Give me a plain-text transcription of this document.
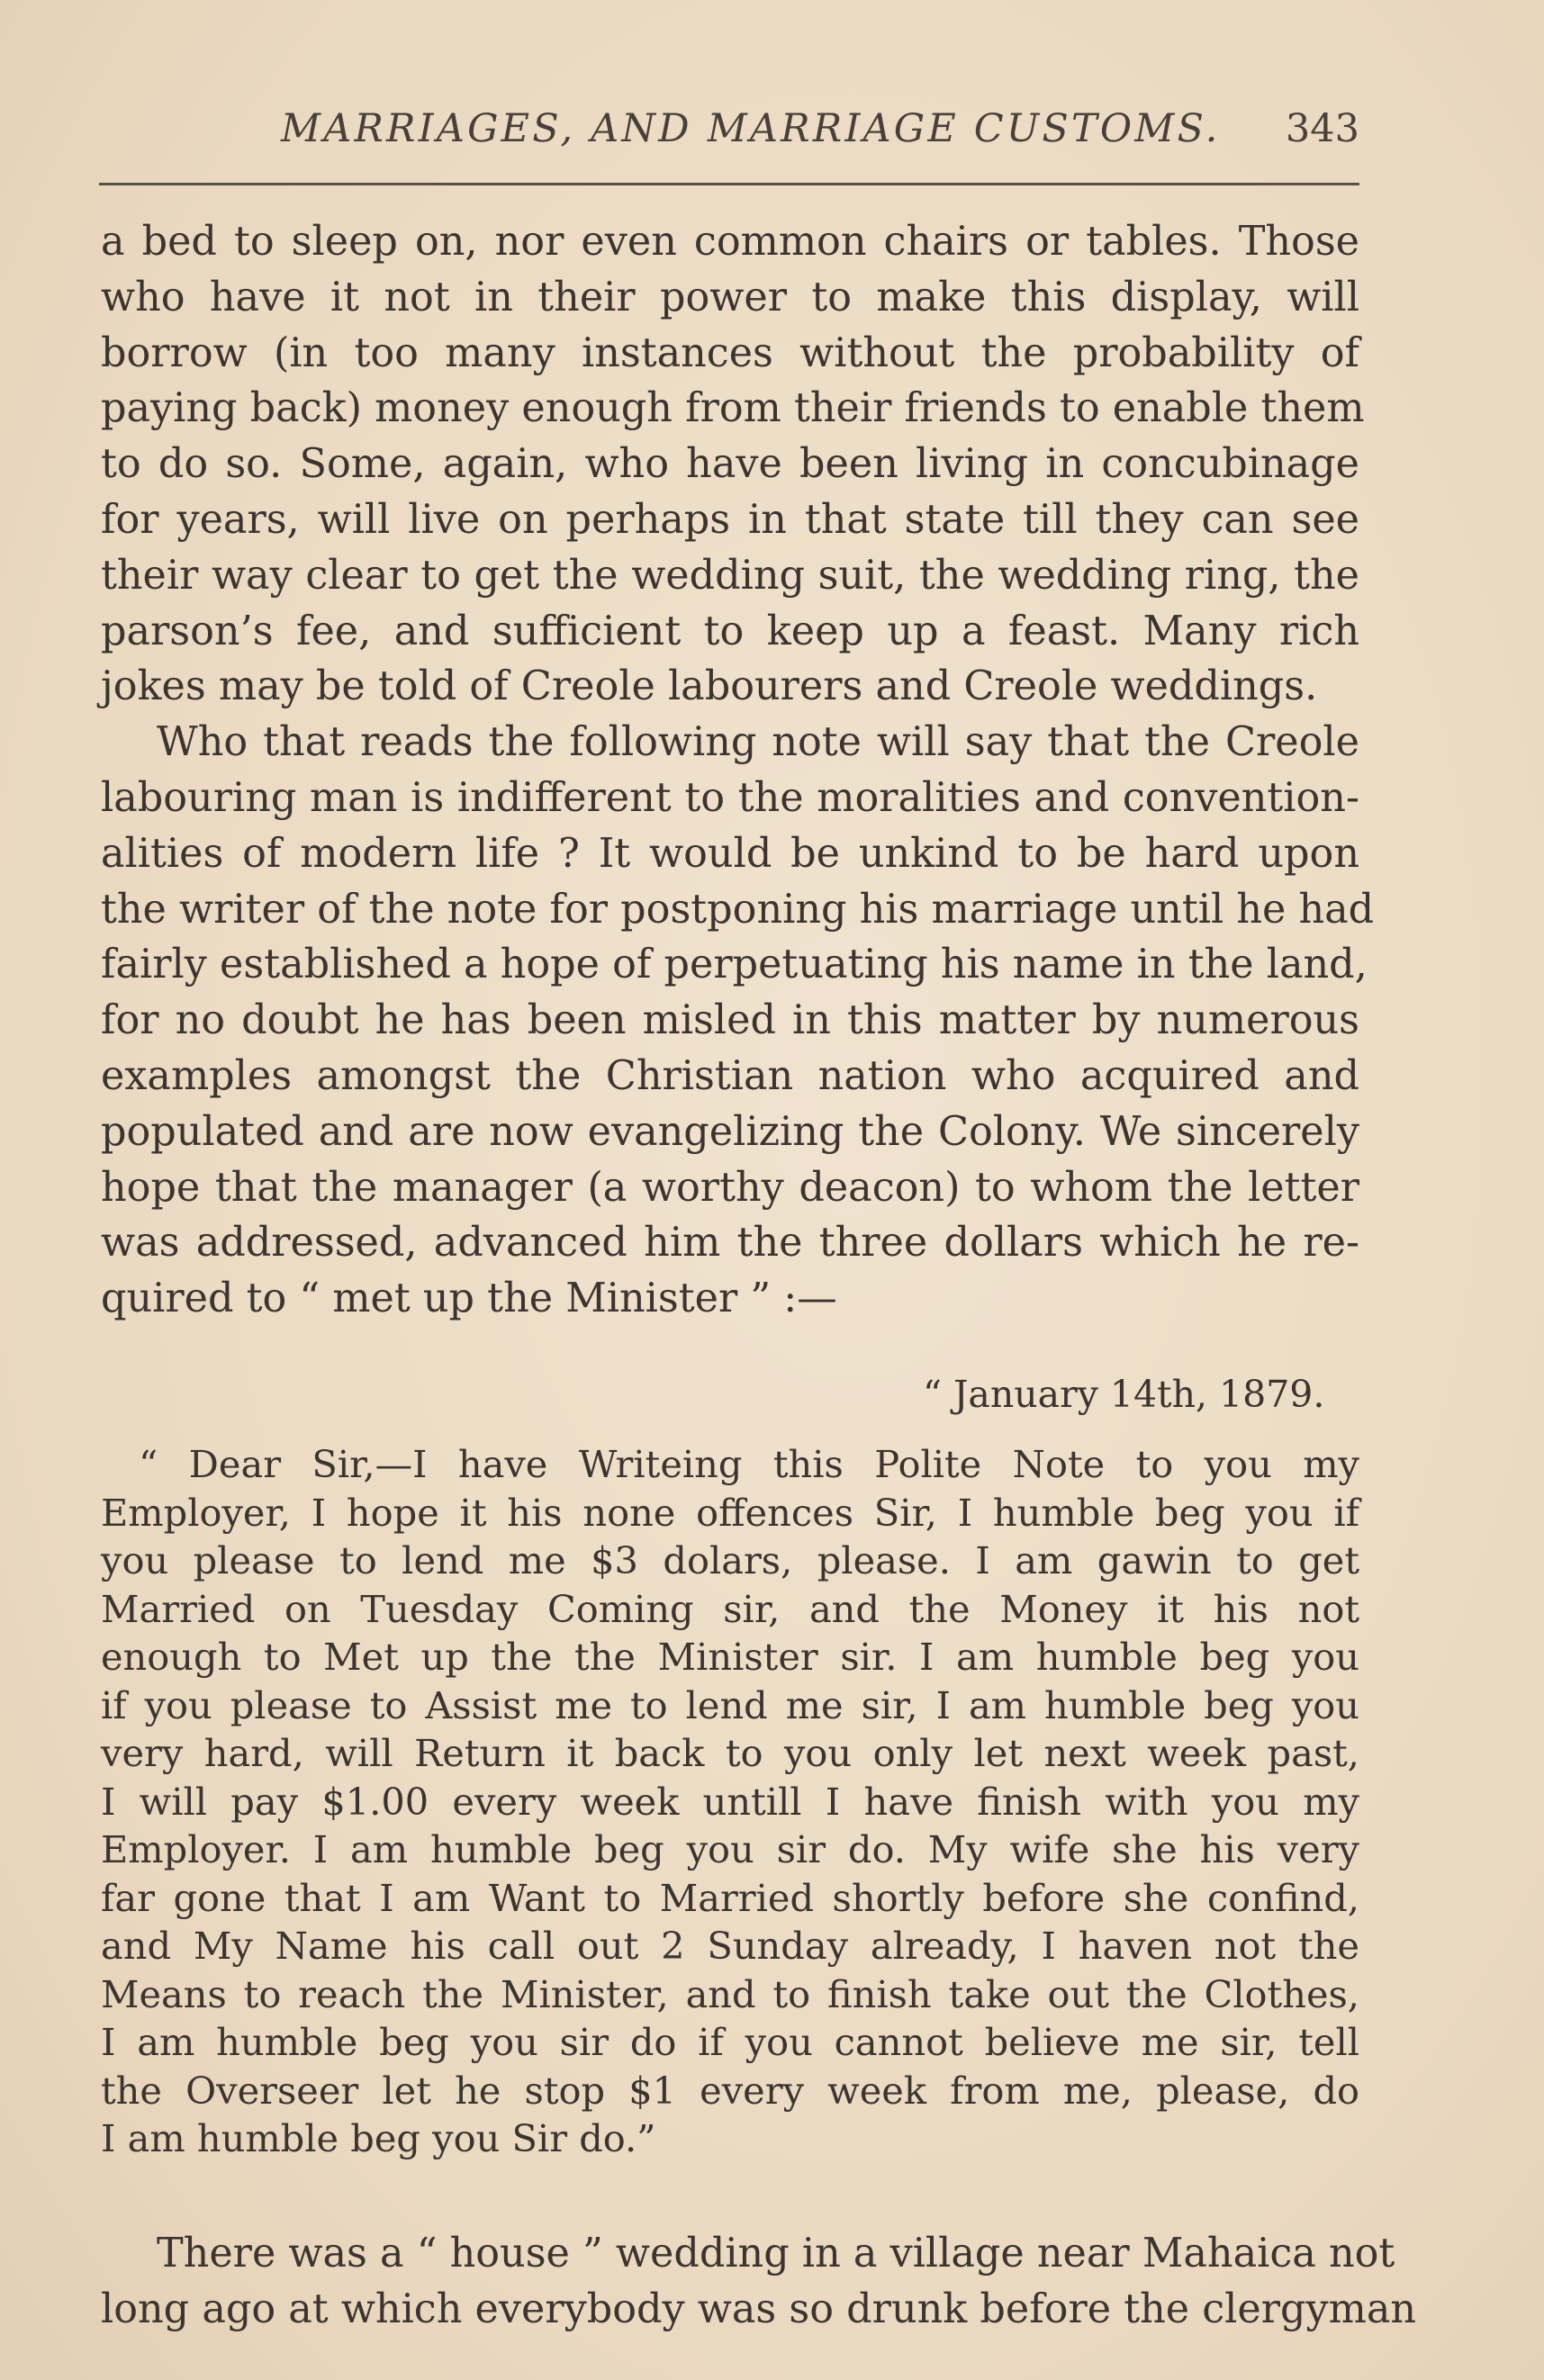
MARRIAGES, AND MARRIAGE CUSTOMS. 343
a bed to sleep on, nor even common chairs or tables. Those
who have it not in their power to make this display, will
borrow (in too many instances without the probability of
paying back) money enough from their friends to enable them
to do so. Some, again, who have been living in concubinage
for years, will live on perhaps in that state till they can see
their way clear to get the wedding suit, the wedding ring, the
parson’s fee, and sufficient to keep up a feast. Many rich
jokes may be told of Creole labourers and Creole weddings.
Who that reads the following note will say that the Creole
labouring man is indifferent to the moralities and convention-
alities of modern life ? It would be unkind to be hard upon
the writer of the note for postponing his marriage until he had
fairly established a hope of perpetuating his name in the land,
for no doubt he has been misled in this matter by numerous
examples amongst the Christian nation who acquired and
populated and are now evangelizing the Colony. We sincerely
hope that the manager (a worthy deacon) to whom the letter
was addressed, advanced him the three dollars which he re-
quired to “ met up the Minister ” :—
“ January 14th, 1879.
“ Dear Sir,—I have Writeing this Polite Note to you my
Employer, I hope it his none offences Sir, I humble beg you if
you please to lend me $3 dolars, please. I am gawin to get
Married on Tuesday Coming sir, and the Money it his not
enough to Met up the the Minister sir. I am humble beg you
if you please to Assist me to lend me sir, I am humble beg you
very hard, will Return it back to you only let next week past,
I will pay $1.00 every week untill I have finish with you my
Employer. I am humble beg you sir do. My wife she his very
far gone that I am Want to Married shortly before she confind,
and My Name his call out 2 Sunday already, I haven not the
Means to reach the Minister, and to finish take out the Clothes,
I am humble beg you sir do if you cannot believe me sir, tell
the Overseer let he stop $1 every week from me, please, do
I am humble beg you Sir do.”
There was a “ house ” wedding in a village near Mahaica not
long ago at which everybody was so drunk before the clergyman
